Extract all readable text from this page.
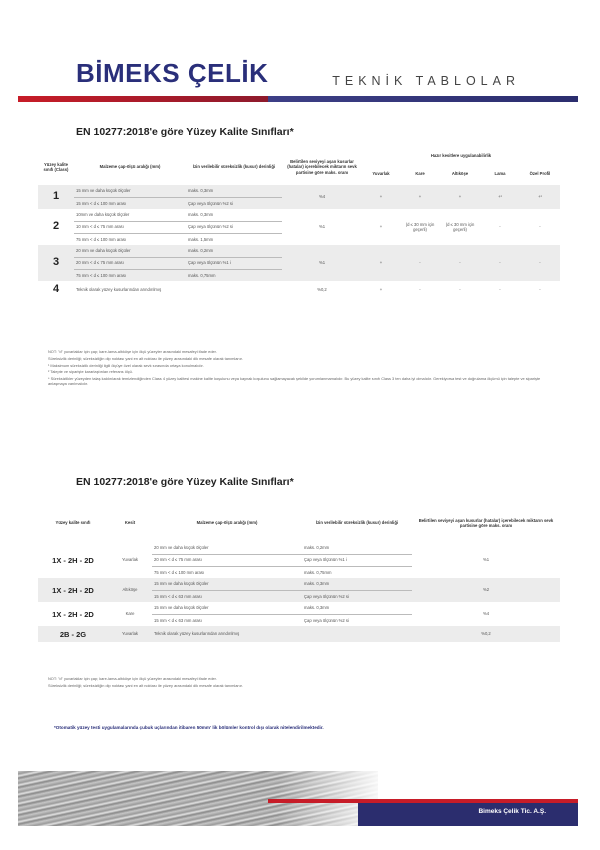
BİMEKS ÇELİK	TEKNİK TABLOLAR
EN 10277:2018'e göre Yüzey Kalite Sınıfları*
Yüzey kalite sınıfı (Class)	Malzeme çap-ölçü aralığı (mm)	İzin verilebilir süreksizlik (kusur) derinliği	Belirtilen seviyeyi aşan kusurlar (hatalar) içerebilecek miktarın sevk partisine göre maks. oranı	Hazır kesitlere uygulanabilirlik				
				Yuvarlak	Kare	Altıköşe	Lama	Özel Profil
1	15 mm ve daha küçük ölçüler	maks. 0,3mm	%4	+	+	+	+¹	+¹
	15 mm < d ≤ 100 mm arası	Çap veya ölçünün %2 si						
2	10mm ve daha küçük ölçüler	maks. 0,3mm	%1	+	(d ≤ 30 mm için geçerli)	(d ≤ 30 mm için geçerli)	-	-
	10 mm < d ≤ 75 mm arası	Çap veya ölçünün %2 si						
	75 mm < d ≤ 100 mm arası	maks. 1,5mm						
3	20 mm ve daha küçük ölçüler	maks. 0,2mm	%1	+	-	-	-	-
	20 mm < d ≤ 75 mm arası	Çap veya ölçünün %1 i						
	75 mm < d ≤ 100 mm arası	maks. 0,75mm						
4	Teknik olarak yüzey kusurlarından arındırılmış		%0,2	+	-	-	-	-

NOT: "d" yuvarlaklar için çap; kare-lama-altıköşe için ölçü yüzeyler arasındaki mesafeyi ifade eder.

Süreksizlik derinliği; süreksizliğin dip noktası yani en alt noktası ile yüzey arasındaki dik mesafe olarak tanımlanır.

¹ Maksimum süreksizlik derinliği ilgili ölçüye özel olarak sevk sırasında ortaya konulmalıdır.

² Talepte ve siparişte kararlaştırılan referans ölçü.

* Süreksizlikler yüzeyden talaş kaldırılarak temizlendiğinden Class 4 yüzey kalitesi makine kalite koşulunu veya kaynak koşulunu sağlamayacak şekilde yorumlanmamalıdır. Bu yüzey kalite sınıfı Class 3 ten daha iyi olmalıdır. Gerekiyorsa test ve doğrulama ölçümü için talepte ve siparişte anlaşmaya varılmalıdır.

EN 10277:2018'e göre Yüzey Kalite Sınıfları*
Yüzey kalite sınıfı	Kesit	Malzeme çap-ölçü aralığı (mm)	İzin verilebilir süreksizlik (kusur) derinliği	Belirtilen seviyeyi aşan kusurlar (hatalar) içerebilecek miktarın sevk partisine göre maks. oranı
1X - 2H - 2D	Yuvarlak	20 mm ve daha küçük ölçüler	maks. 0,2mm	%1
		20 mm < d ≤ 75 mm arası	Çap veya ölçünün %1 i	
		75 mm < d ≤ 100 mm arası	maks. 0,75mm	
1X - 2H - 2D	Altıköşe	15 mm ve daha küçük ölçüler	maks. 0,3mm	%2
		15 mm < d ≤ 63 mm arası	Çap veya ölçünün %2 si	
1X - 2H - 2D	Kare	15 mm ve daha küçük ölçüler	maks. 0,3mm	%4
		15 mm < d ≤ 63 mm arası	Çap veya ölçünün %2 si	
2B - 2G	Yuvarlak	Teknik olarak yüzey kusurlarından arındırılmış		%0,2

NOT: "d" yuvarlaklar için çap; kare-lama-altıköşe için ölçü yüzeyler arasındaki mesafeyi ifade eder.

Süreksizlik derinliği; süreksizliğin dip noktası yani en alt noktası ile yüzey arasındaki dik mesafe olarak tanımlanır.

*Otomatik yüzey testi uygulamalarında çubuk uçlarından itibaren 50mm' lik bölümler kontrol dışı olarak nitelendirilmektedir.
Bimeks Çelik Tic. A.Ş.
